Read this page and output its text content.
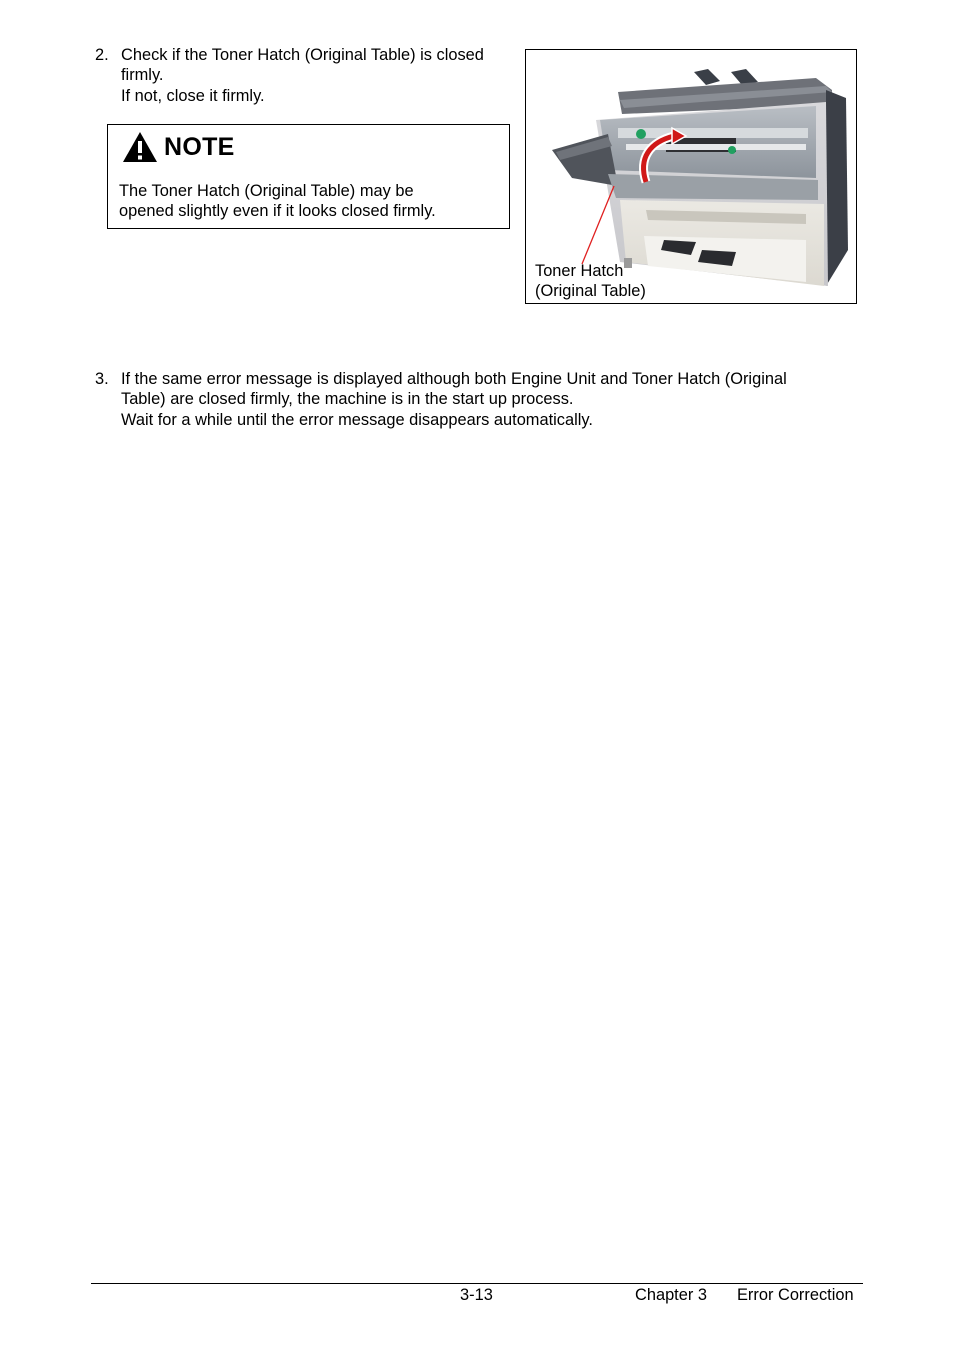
2. Check if the Toner Hatch (Original Table) is closed
firmly.
If not, close it firmly.
NOTE
The Toner Hatch (Original Table) may be
opened slightly even if it looks closed firmly.
Toner Hatch
(Original Table)
3. If the same error message is displayed although both Engine Unit and Toner Hatch (Original
Table) are closed firmly, the machine is in the start up process.
Wait for a while until the error message disappears automatically.
3-13	Chapter 3 Error Correction
